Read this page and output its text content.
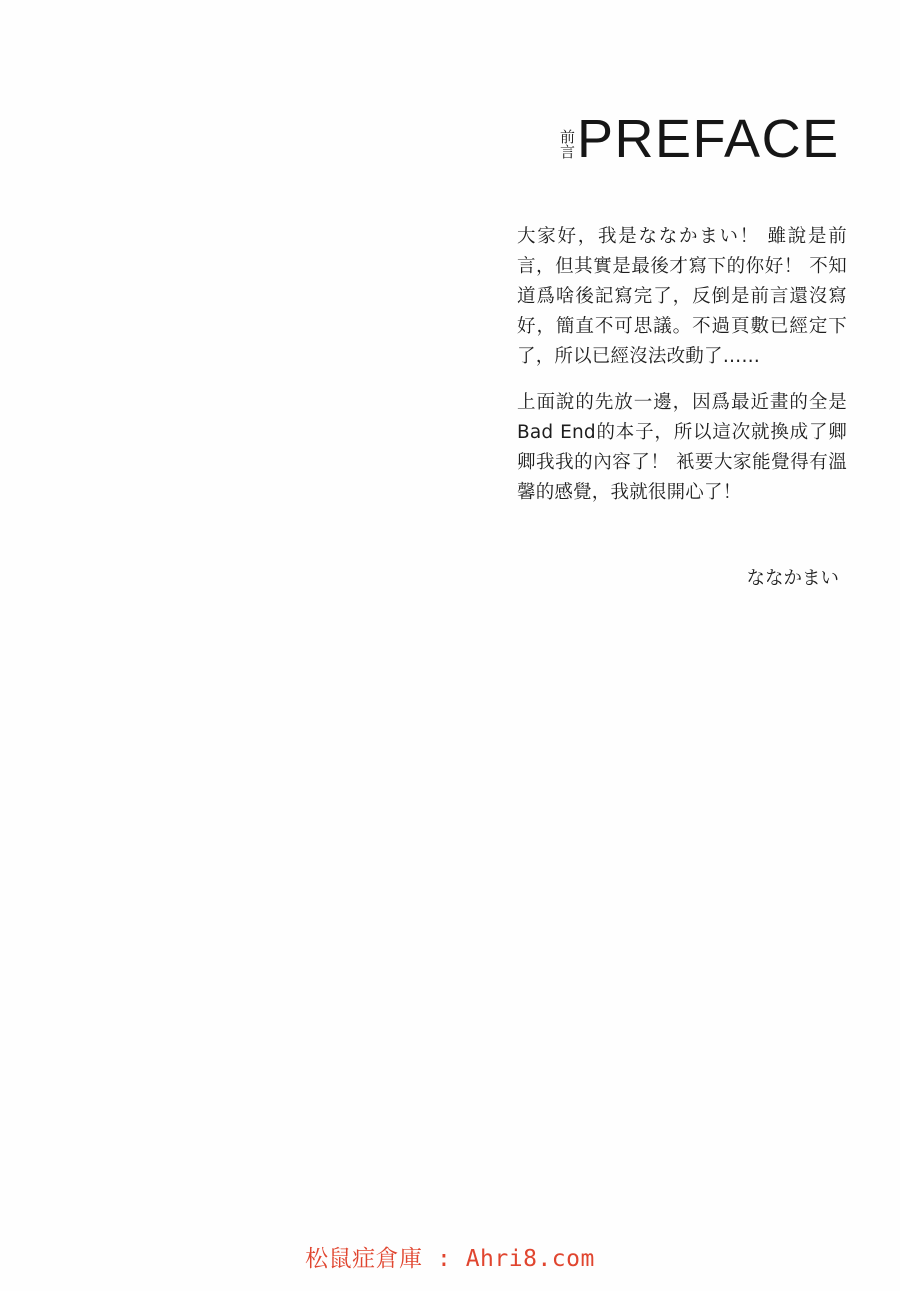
前
言 PREFACE

大家好，我是ななかまい！ 雖說是前言，但其實是最後才寫下的你好！ 不知道爲啥後記寫完了，反倒是前言還沒寫好，簡直不可思議。不過頁數已經定下了，所以已經沒法改動了……

上面說的先放一邊，因爲最近畫的全是Bad End的本子，所以這次就換成了卿卿我我的內容了！ 衹要大家能覺得有溫馨的感覺，我就很開心了！

ななかまい
松鼠症倉庫 : Ahri8.com
